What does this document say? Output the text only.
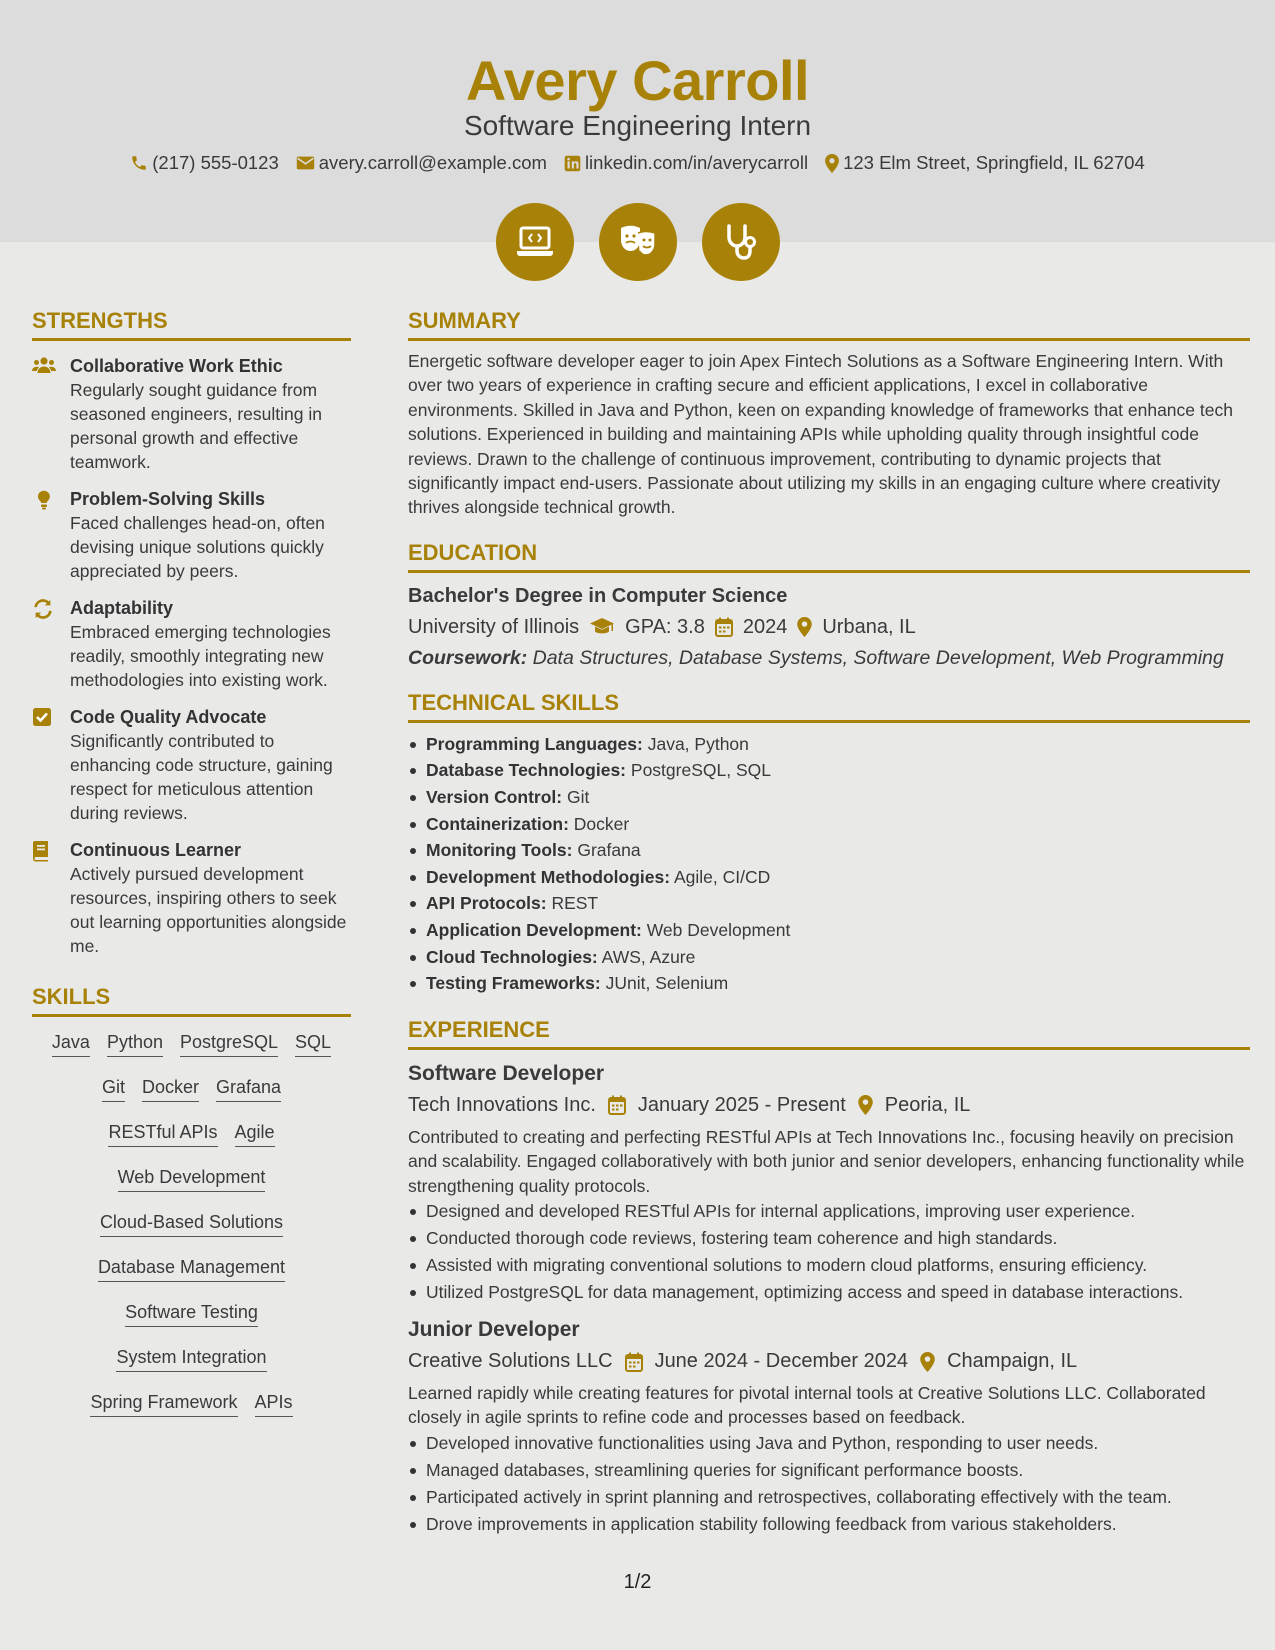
Avery Carroll
Software Engineering Intern
(217) 555-0123 avery.carroll@example.com linkedin.com/in/averycarroll 123 Elm Street, Springfield, IL 62704
STRENGTHS
Collaborative Work Ethic
Regularly sought guidance from seasoned engineers, resulting in personal growth and effective teamwork.
Problem-Solving Skills
Faced challenges head-on, often devising unique solutions quickly appreciated by peers.
Adaptability
Embraced emerging technologies readily, smoothly integrating new methodologies into existing work.
Code Quality Advocate
Significantly contributed to enhancing code structure, gaining respect for meticulous attention during reviews.
Continuous Learner
Actively pursued development resources, inspiring others to seek out learning opportunities alongside me.
SKILLS
Java Python PostgreSQL SQL
Git Docker Grafana
RESTful APIs Agile
Web Development
Cloud-Based Solutions
Database Management
Software Testing
System Integration
Spring Framework APIs
SUMMARY
Energetic software developer eager to join Apex Fintech Solutions as a Software Engineering Intern. With over two years of experience in crafting secure and efficient applications, I excel in collaborative environments. Skilled in Java and Python, keen on expanding knowledge of frameworks that enhance tech solutions. Experienced in building and maintaining APIs while upholding quality through insightful code reviews. Drawn to the challenge of continuous improvement, contributing to dynamic projects that significantly impact end-users. Passionate about utilizing my skills in an engaging culture where creativity thrives alongside technical growth.
EDUCATION
Bachelor's Degree in Computer Science
University of Illinois GPA: 3.8 2024 Urbana, IL
Coursework: Data Structures, Database Systems, Software Development, Web Programming
TECHNICAL SKILLS
Programming Languages: Java, Python
Database Technologies: PostgreSQL, SQL
Version Control: Git
Containerization: Docker
Monitoring Tools: Grafana
Development Methodologies: Agile, CI/CD
API Protocols: REST
Application Development: Web Development
Cloud Technologies: AWS, Azure
Testing Frameworks: JUnit, Selenium
EXPERIENCE
Software Developer
Tech Innovations Inc. January 2025 - Present Peoria, IL
Contributed to creating and perfecting RESTful APIs at Tech Innovations Inc., focusing heavily on precision and scalability. Engaged collaboratively with both junior and senior developers, enhancing functionality while strengthening quality protocols.
Designed and developed RESTful APIs for internal applications, improving user experience.
Conducted thorough code reviews, fostering team coherence and high standards.
Assisted with migrating conventional solutions to modern cloud platforms, ensuring efficiency.
Utilized PostgreSQL for data management, optimizing access and speed in database interactions.
Junior Developer
Creative Solutions LLC June 2024 - December 2024 Champaign, IL
Learned rapidly while creating features for pivotal internal tools at Creative Solutions LLC. Collaborated closely in agile sprints to refine code and processes based on feedback.
Developed innovative functionalities using Java and Python, responding to user needs.
Managed databases, streamlining queries for significant performance boosts.
Participated actively in sprint planning and retrospectives, collaborating effectively with the team.
Drove improvements in application stability following feedback from various stakeholders.
1/2
